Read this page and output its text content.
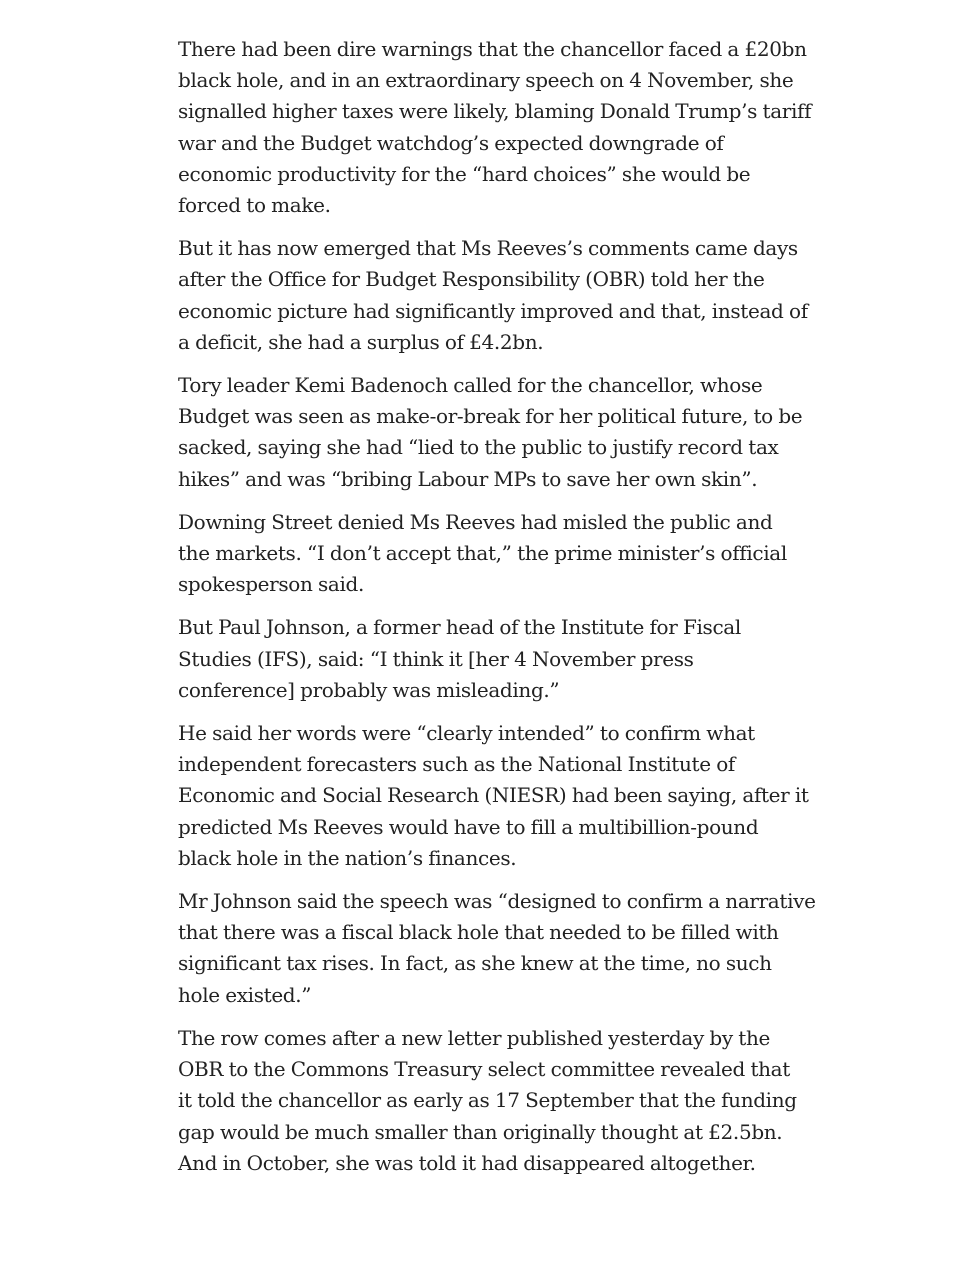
There had been dire warnings that the chancellor faced a £20bn
black hole, and in an extraordinary speech on 4 November, she
signalled higher taxes were likely, blaming Donald Trump’s tariff
war and the Budget watchdog’s expected downgrade of
economic productivity for the “hard choices” she would be
forced to make.

But it has now emerged that Ms Reeves’s comments came days
after the Office for Budget Responsibility (OBR) told her the
economic picture had significantly improved and that, instead of
a deficit, she had a surplus of £4.2bn.

Tory leader Kemi Badenoch called for the chancellor, whose
Budget was seen as make-or-break for her political future, to be
sacked, saying she had “lied to the public to justify record tax
hikes” and was “bribing Labour MPs to save her own skin”.

Downing Street denied Ms Reeves had misled the public and
the markets. “I don’t accept that,” the prime minister’s official
spokesperson said.

But Paul Johnson, a former head of the Institute for Fiscal
Studies (IFS), said: “I think it [her 4 November press
conference] probably was misleading.”

He said her words were “clearly intended” to confirm what
independent forecasters such as the National Institute of
Economic and Social Research (NIESR) had been saying, after it
predicted Ms Reeves would have to fill a multibillion-pound
black hole in the nation’s finances.

Mr Johnson said the speech was “designed to confirm a narrative
that there was a fiscal black hole that needed to be filled with
significant tax rises. In fact, as she knew at the time, no such
hole existed.”

The row comes after a new letter published yesterday by the
OBR to the Commons Treasury select committee revealed that
it told the chancellor as early as 17 September that the funding
gap would be much smaller than originally thought at £2.5bn.
And in October, she was told it had disappeared altogether.
